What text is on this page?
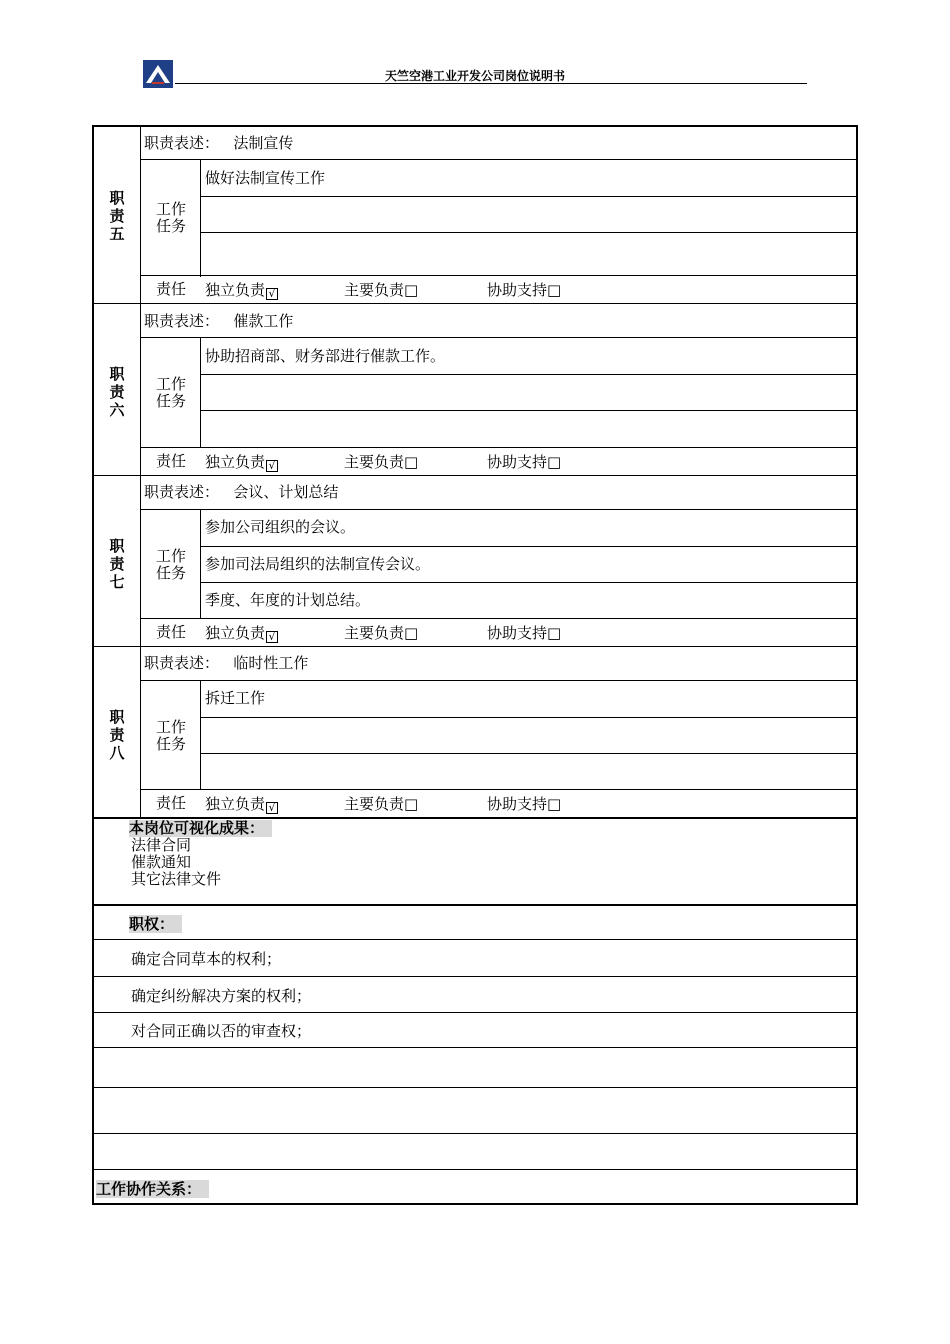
天竺空港工业开发公司岗位说明书
职责五
职责表述： 法制宣传
工作
任务
做好法制宣传工作
责任	独立负责 √	主要负责□	协助支持□
职责六
职责表述： 催款工作
工作
任务
协助招商部、财务部进行催款工作。
责任	独立负责 √	主要负责□	协助支持□
职责七
职责表述： 会议、计划总结
工作
任务
参加公司组织的会议。
参加司法局组织的法制宣传会议。
季度、年度的计划总结。
责任	独立负责 √	主要负责□	协助支持□
职责八
职责表述： 临时性工作
工作
任务
拆迁工作
责任	独立负责 √	主要负责□	协助支持□
本岗位可视化成果：
法律合同
催款通知
其它法律文件
职权：
确定合同草本的权利；
确定纠纷解决方案的权利；
对合同正确以否的审查权；
工作协作关系：
